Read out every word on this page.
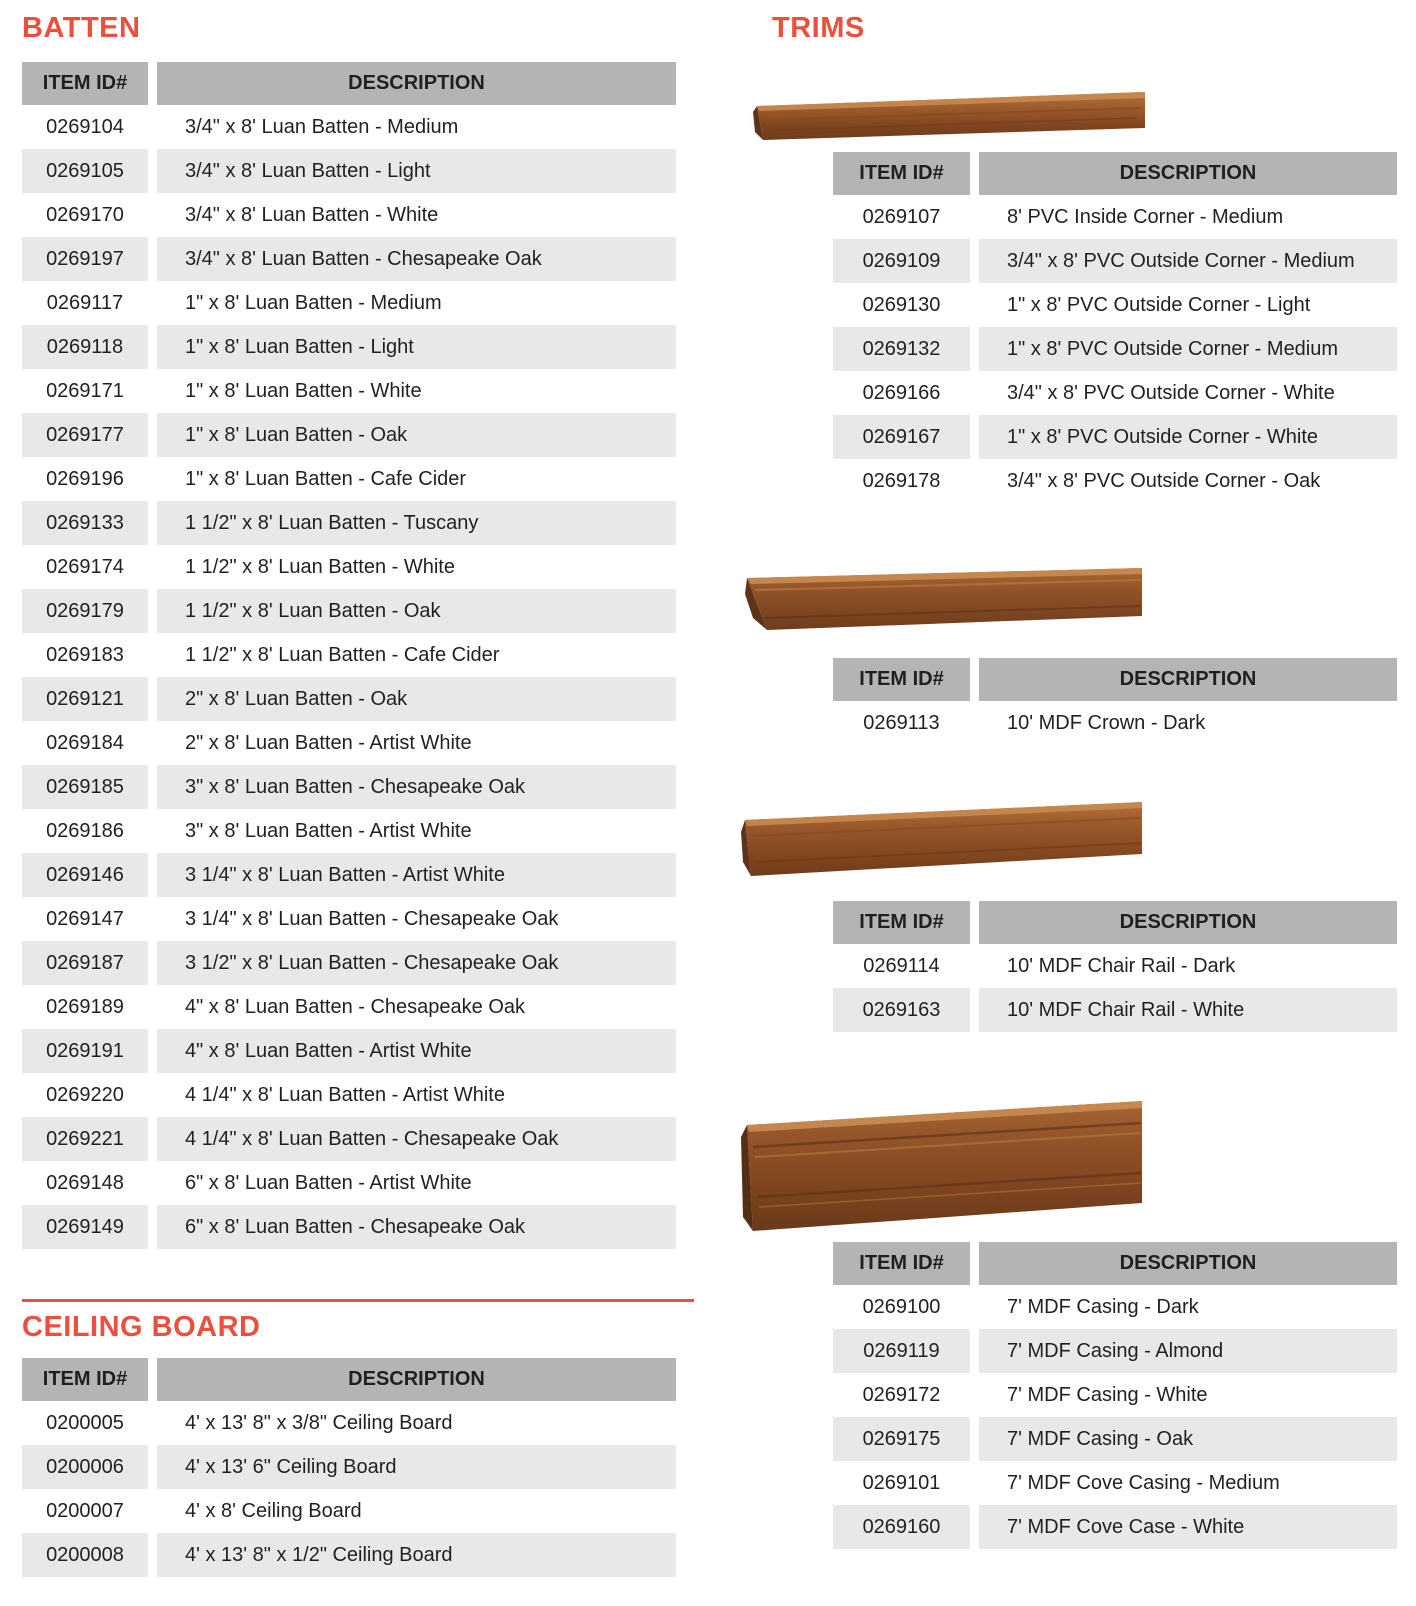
BATTEN
ITEM ID#	DESCRIPTION
0269104	3/4" x 8' Luan Batten - Medium
0269105	3/4" x 8' Luan Batten - Light
0269170	3/4" x 8' Luan Batten - White
0269197	3/4" x 8' Luan Batten - Chesapeake Oak
0269117	1" x 8' Luan Batten - Medium
0269118	1" x 8' Luan Batten - Light
0269171	1" x 8' Luan Batten - White
0269177	1" x 8' Luan Batten - Oak
0269196	1" x 8' Luan Batten - Cafe Cider
0269133	1 1/2" x 8' Luan Batten - Tuscany
0269174	1 1/2" x 8' Luan Batten - White
0269179	1 1/2" x 8' Luan Batten - Oak
0269183	1 1/2" x 8' Luan Batten - Cafe Cider
0269121	2" x 8' Luan Batten - Oak
0269184	2" x 8' Luan Batten - Artist White
0269185	3" x 8' Luan Batten - Chesapeake Oak
0269186	3" x 8' Luan Batten - Artist White
0269146	3 1/4" x 8' Luan Batten - Artist White
0269147	3 1/4" x 8' Luan Batten - Chesapeake Oak
0269187	3 1/2" x 8' Luan Batten - Chesapeake Oak
0269189	4" x 8' Luan Batten - Chesapeake Oak
0269191	4" x 8' Luan Batten - Artist White
0269220	4 1/4" x 8' Luan Batten - Artist White
0269221	4 1/4" x 8' Luan Batten - Chesapeake Oak
0269148	6" x 8' Luan Batten - Artist White
0269149	6" x 8' Luan Batten - Chesapeake Oak
CEILING BOARD
ITEM ID#	DESCRIPTION
0200005	4' x 13' 8" x 3/8" Ceiling Board
0200006	4' x 13' 6" Ceiling Board
0200007	4' x 8' Ceiling Board
0200008	4' x 13' 8" x 1/2" Ceiling Board
TRIMS
ITEM ID#	DESCRIPTION
0269107	8' PVC Inside Corner - Medium
0269109	3/4" x 8' PVC Outside Corner - Medium
0269130	1" x 8' PVC Outside Corner - Light
0269132	1" x 8' PVC Outside Corner - Medium
0269166	3/4" x 8' PVC Outside Corner - White
0269167	1" x 8' PVC Outside Corner - White
0269178	3/4" x 8' PVC Outside Corner - Oak
ITEM ID#	DESCRIPTION
0269113	10' MDF Crown - Dark
ITEM ID#	DESCRIPTION
0269114	10' MDF Chair Rail - Dark
0269163	10' MDF Chair Rail - White
ITEM ID#	DESCRIPTION
0269100	7' MDF Casing - Dark
0269119	7' MDF Casing - Almond
0269172	7' MDF Casing - White
0269175	7' MDF Casing - Oak
0269101	7' MDF Cove Casing - Medium
0269160	7' MDF Cove Case - White
